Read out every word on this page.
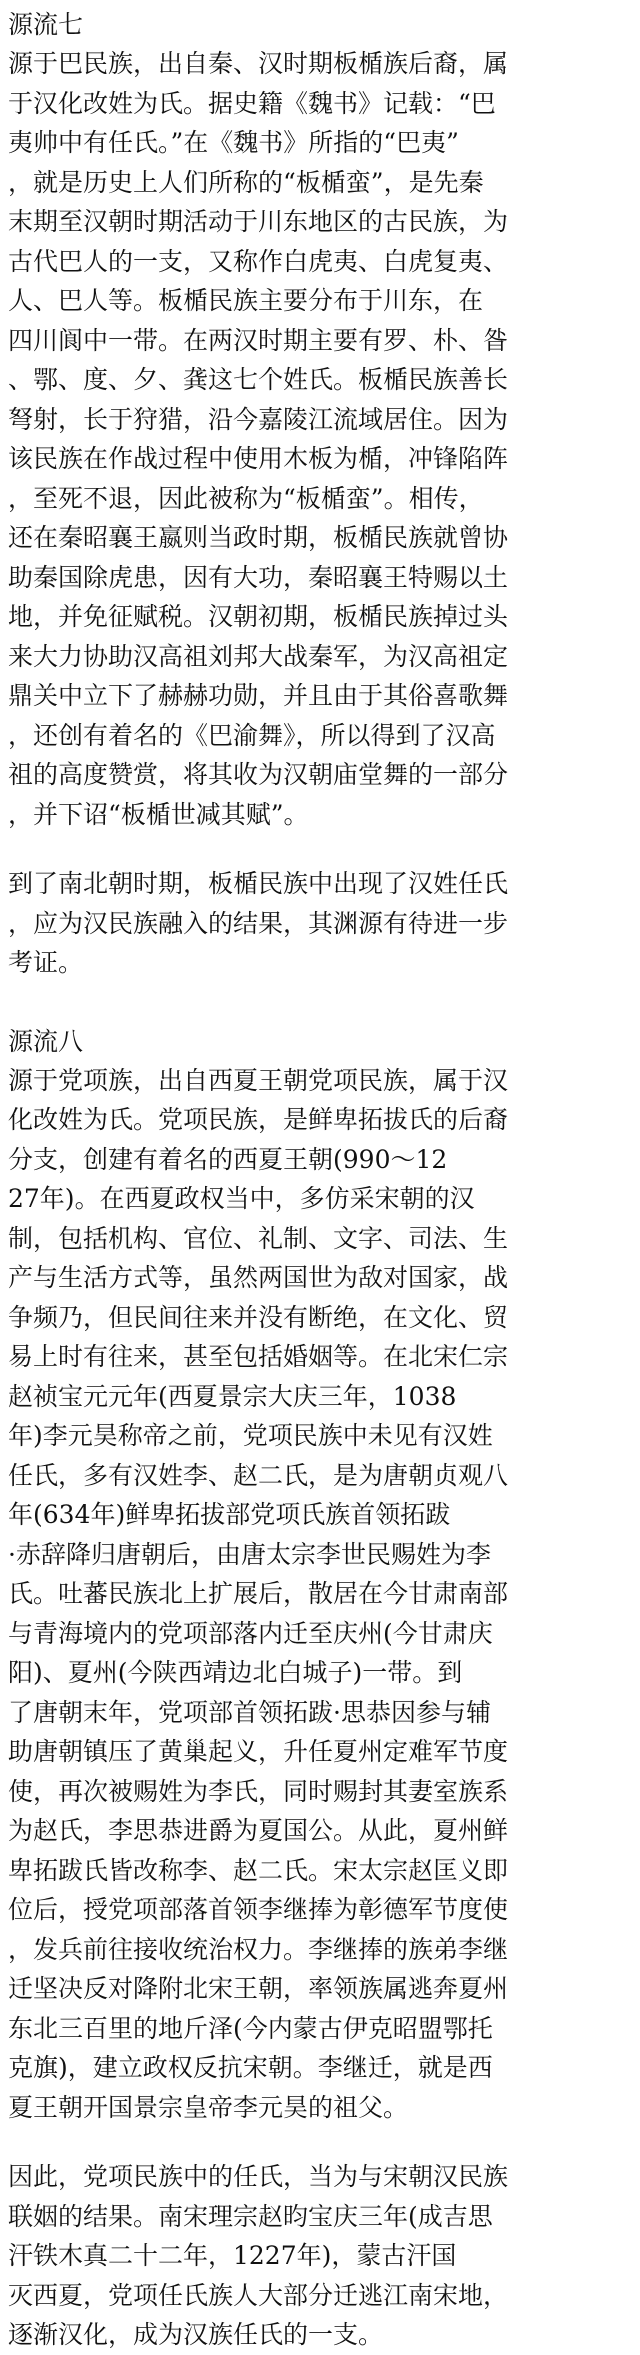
源流七
源于巴民族，出自秦、汉时期板楯族后裔，属
于汉化改姓为氏。据史籍《魏书》记载：“巴
夷帅中有任氏。”在《魏书》所指的“巴夷”
，就是历史上人们所称的“板楯蛮”，是先秦
末期至汉朝时期活动于川东地区的古民族，为
古代巴人的一支，又称作白虎夷、白虎复夷、
人、巴人等。板楯民族主要分布于川东，在
四川阆中一带。在两汉时期主要有罗、朴、昝
、鄂、度、夕、龚这七个姓氏。板楯民族善长
弩射，长于狩猎，沿今嘉陵江流域居住。因为
该民族在作战过程中使用木板为楯，冲锋陷阵
，至死不退，因此被称为“板楯蛮”。相传，
还在秦昭襄王嬴则当政时期，板楯民族就曾协
助秦国除虎患，因有大功，秦昭襄王特赐以土
地，并免征赋税。汉朝初期，板楯民族掉过头
来大力协助汉高祖刘邦大战秦军，为汉高祖定
鼎关中立下了赫赫功勋，并且由于其俗喜歌舞
，还创有着名的《巴渝舞》，所以得到了汉高
祖的高度赞赏，将其收为汉朝庙堂舞的一部分
，并下诏“板楯世减其赋”。
到了南北朝时期，板楯民族中出现了汉姓任氏
，应为汉民族融入的结果，其渊源有待进一步
考证。
源流八
源于党项族，出自西夏王朝党项民族，属于汉
化改姓为氏。党项民族，是鲜卑拓拔氏的后裔
分支，创建有着名的西夏王朝(990～12
27年)。在西夏政权当中，多仿采宋朝的汉
制，包括机构、官位、礼制、文字、司法、生
产与生活方式等，虽然两国世为敌对国家，战
争频乃，但民间往来并没有断绝，在文化、贸
易上时有往来，甚至包括婚姻等。在北宋仁宗
赵祯宝元元年(西夏景宗大庆三年，1038
年)李元昊称帝之前，党项民族中未见有汉姓
任氏，多有汉姓李、赵二氏，是为唐朝贞观八
年(634年)鲜卑拓拔部党项氏族首领拓跋
·赤辞降归唐朝后，由唐太宗李世民赐姓为李
氏。吐蕃民族北上扩展后，散居在今甘肃南部
与青海境内的党项部落内迁至庆州(今甘肃庆
阳)、夏州(今陕西靖边北白城子)一带。到
了唐朝末年，党项部首领拓跋·思恭因参与辅
助唐朝镇压了黄巢起义，升任夏州定难军节度
使，再次被赐姓为李氏，同时赐封其妻室族系
为赵氏，李思恭进爵为夏国公。从此，夏州鲜
卑拓跋氏皆改称李、赵二氏。宋太宗赵匡义即
位后，授党项部落首领李继捧为彰德军节度使
，发兵前往接收统治权力。李继捧的族弟李继
迁坚决反对降附北宋王朝，率领族属逃奔夏州
东北三百里的地斤泽(今内蒙古伊克昭盟鄂托
克旗)，建立政权反抗宋朝。李继迁，就是西
夏王朝开国景宗皇帝李元昊的祖父。
因此，党项民族中的任氏，当为与宋朝汉民族
联姻的结果。南宋理宗赵昀宝庆三年(成吉思
汗铁木真二十二年，1227年)，蒙古汗国
灭西夏，党项任氏族人大部分迁逃江南宋地，
逐渐汉化，成为汉族任氏的一支。
